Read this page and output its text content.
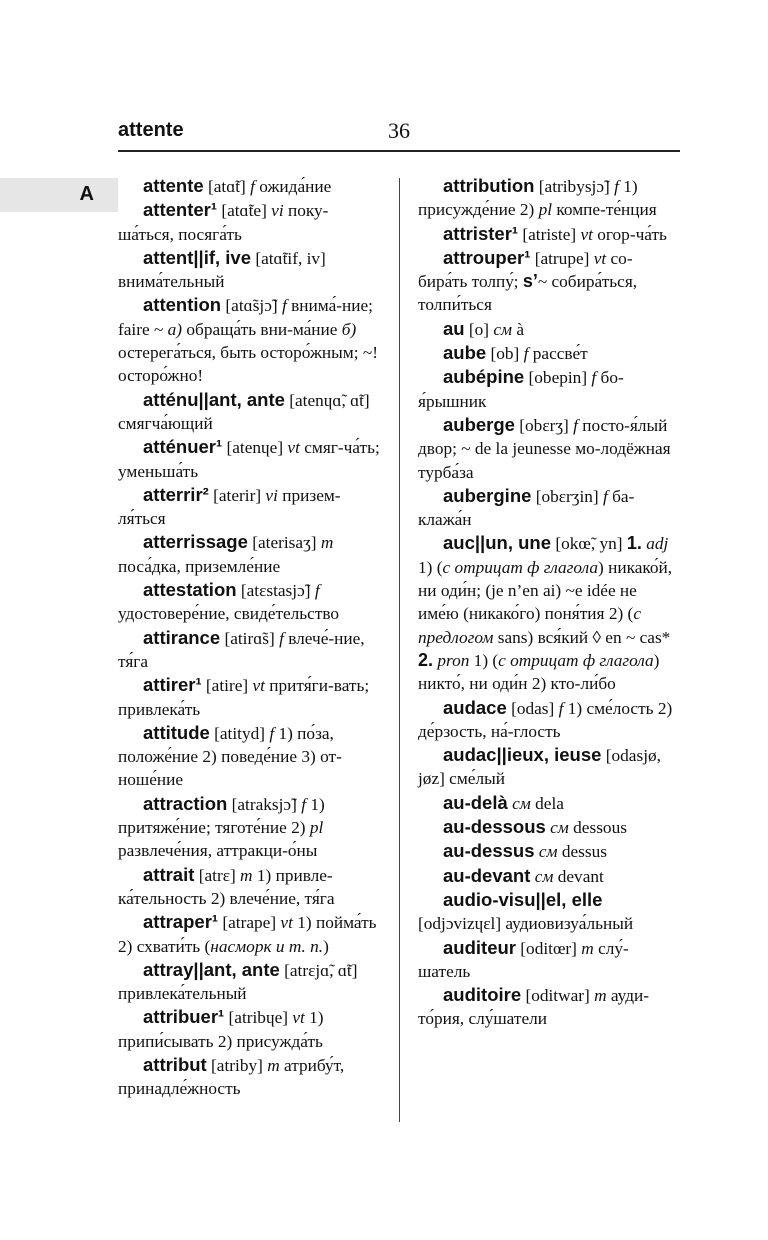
attente	36
A	attente [atɑ̃t] f ожида́ние
attenter¹ [atɑ̃te] vi поку-ша́ться, посяга́ть
attent||if, ive [atɑ̃tif, iv] внима́тельный
attention [atɑ̃sjɔ̃] f внима́-ние; faire ~ а) обраща́ть вни-ма́ние б) остерега́ться, быть осторо́жным; ~! осторо́жно!
atténu||ant, ante [atenɥɑ̃, ɑ̃t] смягча́ющий
atténuer¹ [atenɥe] vt смяг-ча́ть; уменьша́ть
atterrir² [aterir] vi призем-ля́ться
atterrissage [aterisaʒ] m поса́дка, приземле́ние
attestation [atɛstasjɔ̃] f удостовере́ние, свиде́тельство
attirance [atirɑ̃s] f влече́-ние, тя́га
attirer¹ [atire] vt притя́ги-вать; привлека́ть
attitude [atityd] f 1) по́за, положе́ние 2) поведе́ние 3) от-ноше́ние
attraction [atraksjɔ̃] f 1) притяже́ние; тяготе́ние 2) pl развлече́ния, аттракци-о́ны
attrait [atrɛ] m 1) привле-ка́тельность 2) влече́ние, тя́га
attraper¹ [atrape] vt 1) пойма́ть 2) схвати́ть (насморк и т. п.)
attray||ant, ante [atrɛjɑ̃, ɑ̃t] привлека́тельный
attribuer¹ [atribɥe] vt 1) припи́сывать 2) присужда́ть
attribut [atriby] m атрибу́т, принадле́жность
attribution [atribysjɔ̃] f 1) присужде́ние 2) pl компе-те́нция
attrister¹ [atriste] vt огор-ча́ть
attrouper¹ [atrupe] vt со-бира́ть толпу́; s’~ собира́ться, толпи́ться
au [o] см à
aube [ob] f рассве́т
aubépine [obepin] f бо-я́рышник
auberge [obɛrʒ] f посто-я́лый двор; ~ de la jeunesse мо-лодёжная турба́за
aubergine [obɛrʒin] f ба-клажа́н
auc||un, une [okœ̃, yn] 1. adj 1) (с отрицат ф глагола) никако́й, ни оди́н; (je n’en ai) ~e idée не име́ю (никако́го) поня́тия 2) (с предлогом sans) вся́кий ◊ en ~ cas* 2. pron 1) (с отрицат ф глагола) никто́, ни оди́н 2) кто-ли́бо
audace [odas] f 1) сме́лость 2) де́рзость, на́-глость
audac||ieux, ieuse [odasjø, jøz] сме́лый
au-delà см dela
au-dessous см dessous
au-dessus см dessus
au-devant см devant
audio-visu||el, elle [odjɔvizɥɛl] аудиовизуа́льный
auditeur [oditœr] m слу́-шатель
auditoire [oditwar] m ауди-то́рия, слу́шатели
